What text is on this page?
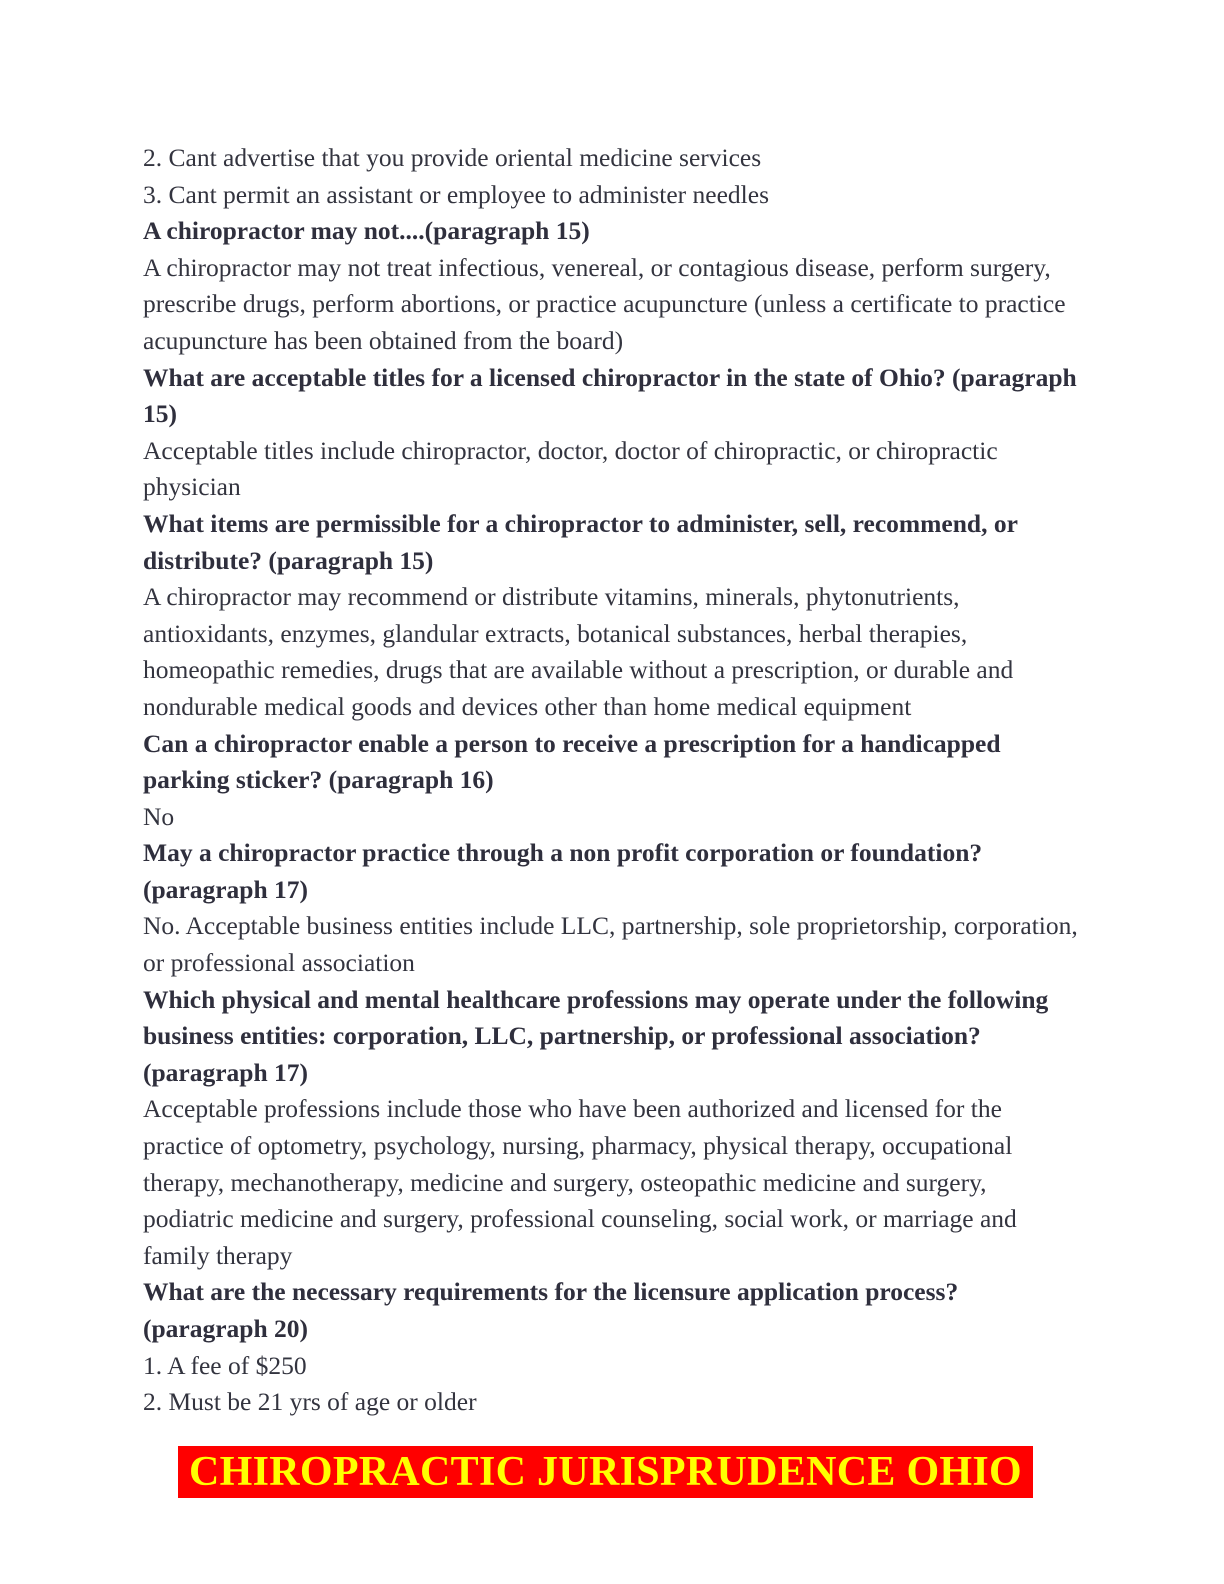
2. Cant advertise that you provide oriental medicine services

3. Cant permit an assistant or employee to administer needles

A chiropractor may not....(paragraph 15)

A chiropractor may not treat infectious, venereal, or contagious disease, perform surgery, prescribe drugs, perform abortions, or practice acupuncture (unless a certificate to practice acupuncture has been obtained from the board)

What are acceptable titles for a licensed chiropractor in the state of Ohio? (paragraph 15)

Acceptable titles include chiropractor, doctor, doctor of chiropractic, or chiropractic physician

What items are permissible for a chiropractor to administer, sell, recommend, or distribute? (paragraph 15)

A chiropractor may recommend or distribute vitamins, minerals, phytonutrients, antioxidants, enzymes, glandular extracts, botanical substances, herbal therapies, homeopathic remedies, drugs that are available without a prescription, or durable and nondurable medical goods and devices other than home medical equipment

Can a chiropractor enable a person to receive a prescription for a handicapped parking sticker? (paragraph 16)

No

May a chiropractor practice through a non profit corporation or foundation? (paragraph 17)

No. Acceptable business entities include LLC, partnership, sole proprietorship, corporation, or professional association

Which physical and mental healthcare professions may operate under the following business entities: corporation, LLC, partnership, or professional association? (paragraph 17)

Acceptable professions include those who have been authorized and licensed for the practice of optometry, psychology, nursing, pharmacy, physical therapy, occupational therapy, mechanotherapy, medicine and surgery, osteopathic medicine and surgery, podiatric medicine and surgery, professional counseling, social work, or marriage and family therapy

What are the necessary requirements for the licensure application process? (paragraph 20)

1. A fee of $250

2. Must be 21 yrs of age or older

CHIROPRACTIC JURISPRUDENCE OHIO
